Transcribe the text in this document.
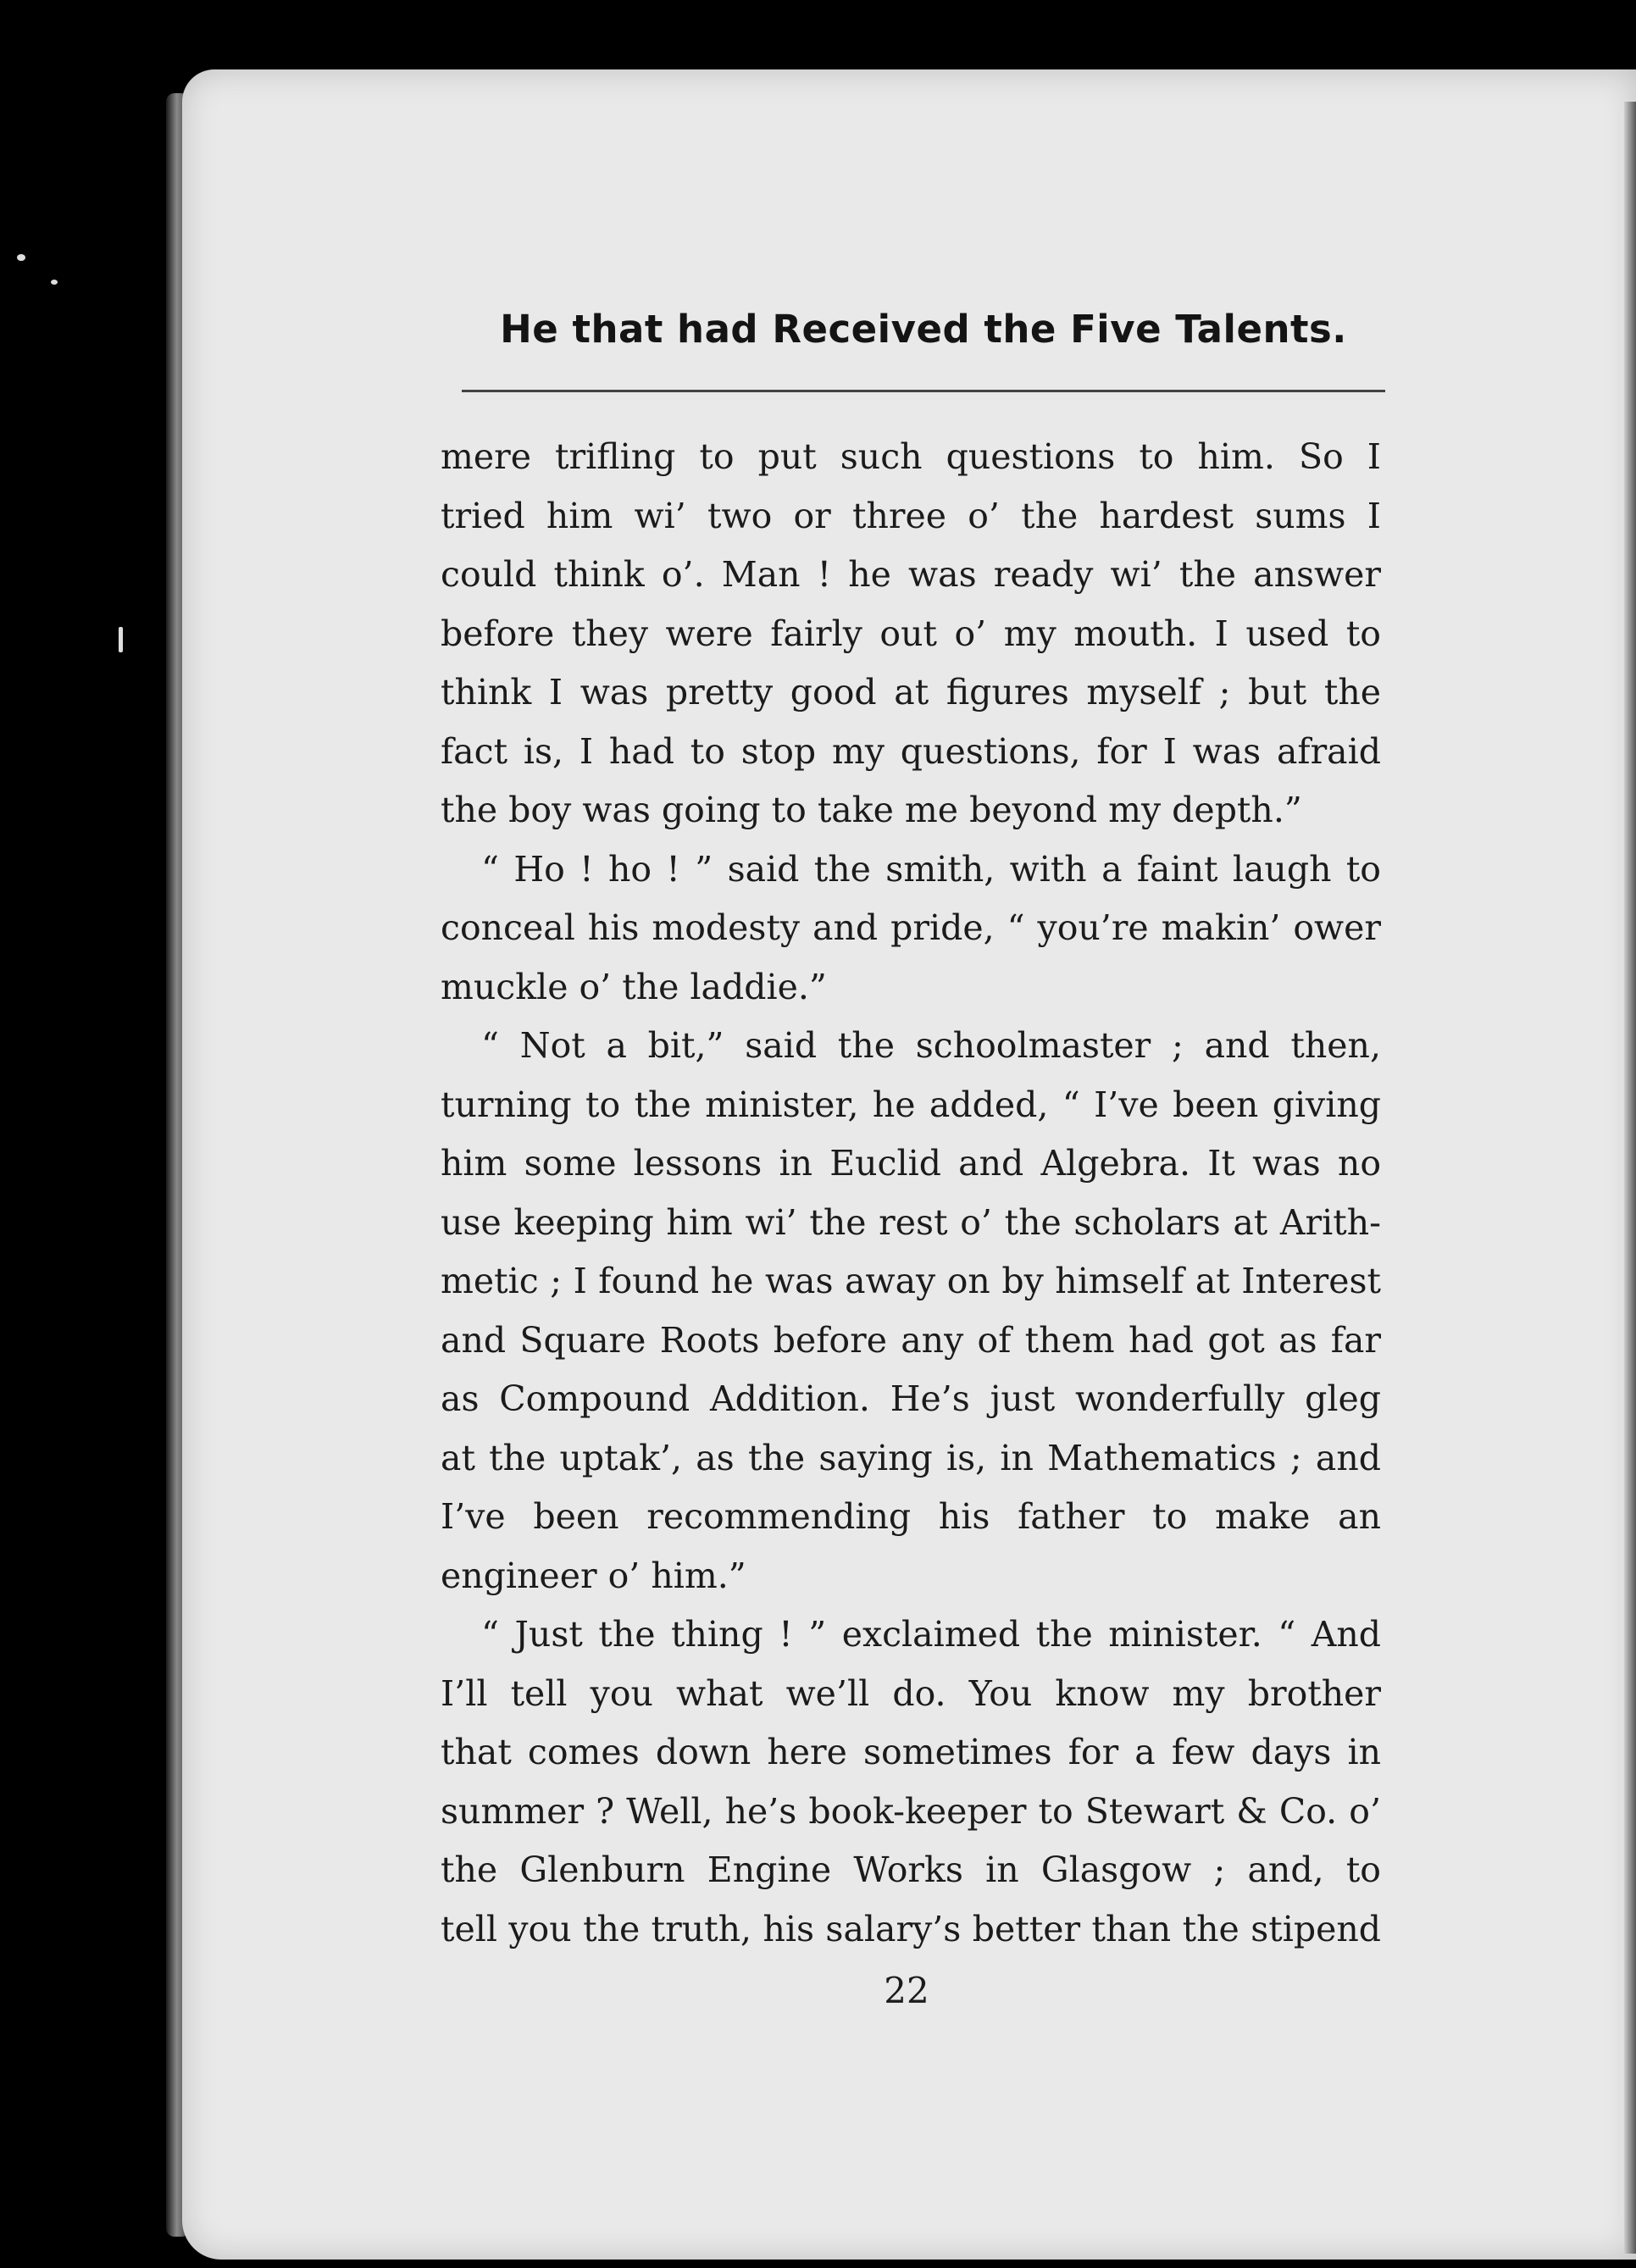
He that had Received the Five Talents.

mere trifling to put such questions to him. So I
tried him wi’ two or three o’ the hardest sums I
could think o’. Man ! he was ready wi’ the answer
before they were fairly out o’ my mouth. I used to
think I was pretty good at figures myself ; but the
fact is, I had to stop my questions, for I was afraid
the boy was going to take me beyond my depth.”

“ Ho ! ho ! ” said the smith, with a faint laugh to
conceal his modesty and pride, “ you’re makin’ ower
muckle o’ the laddie.”

“ Not a bit,” said the schoolmaster ; and then,
turning to the minister, he added, “ I’ve been giving
him some lessons in Euclid and Algebra. It was no
use keeping him wi’ the rest o’ the scholars at Arith-
metic ; I found he was away on by himself at Interest
and Square Roots before any of them had got as far
as Compound Addition. He’s just wonderfully gleg
at the uptak’, as the saying is, in Mathematics ; and
I’ve been recommending his father to make an
engineer o’ him.”

“ Just the thing ! ” exclaimed the minister. “ And
I’ll tell you what we’ll do. You know my brother
that comes down here sometimes for a few days in
summer ? Well, he’s book-keeper to Stewart & Co. o’
the Glenburn Engine Works in Glasgow ; and, to
tell you the truth, his salary’s better than the stipend

22
